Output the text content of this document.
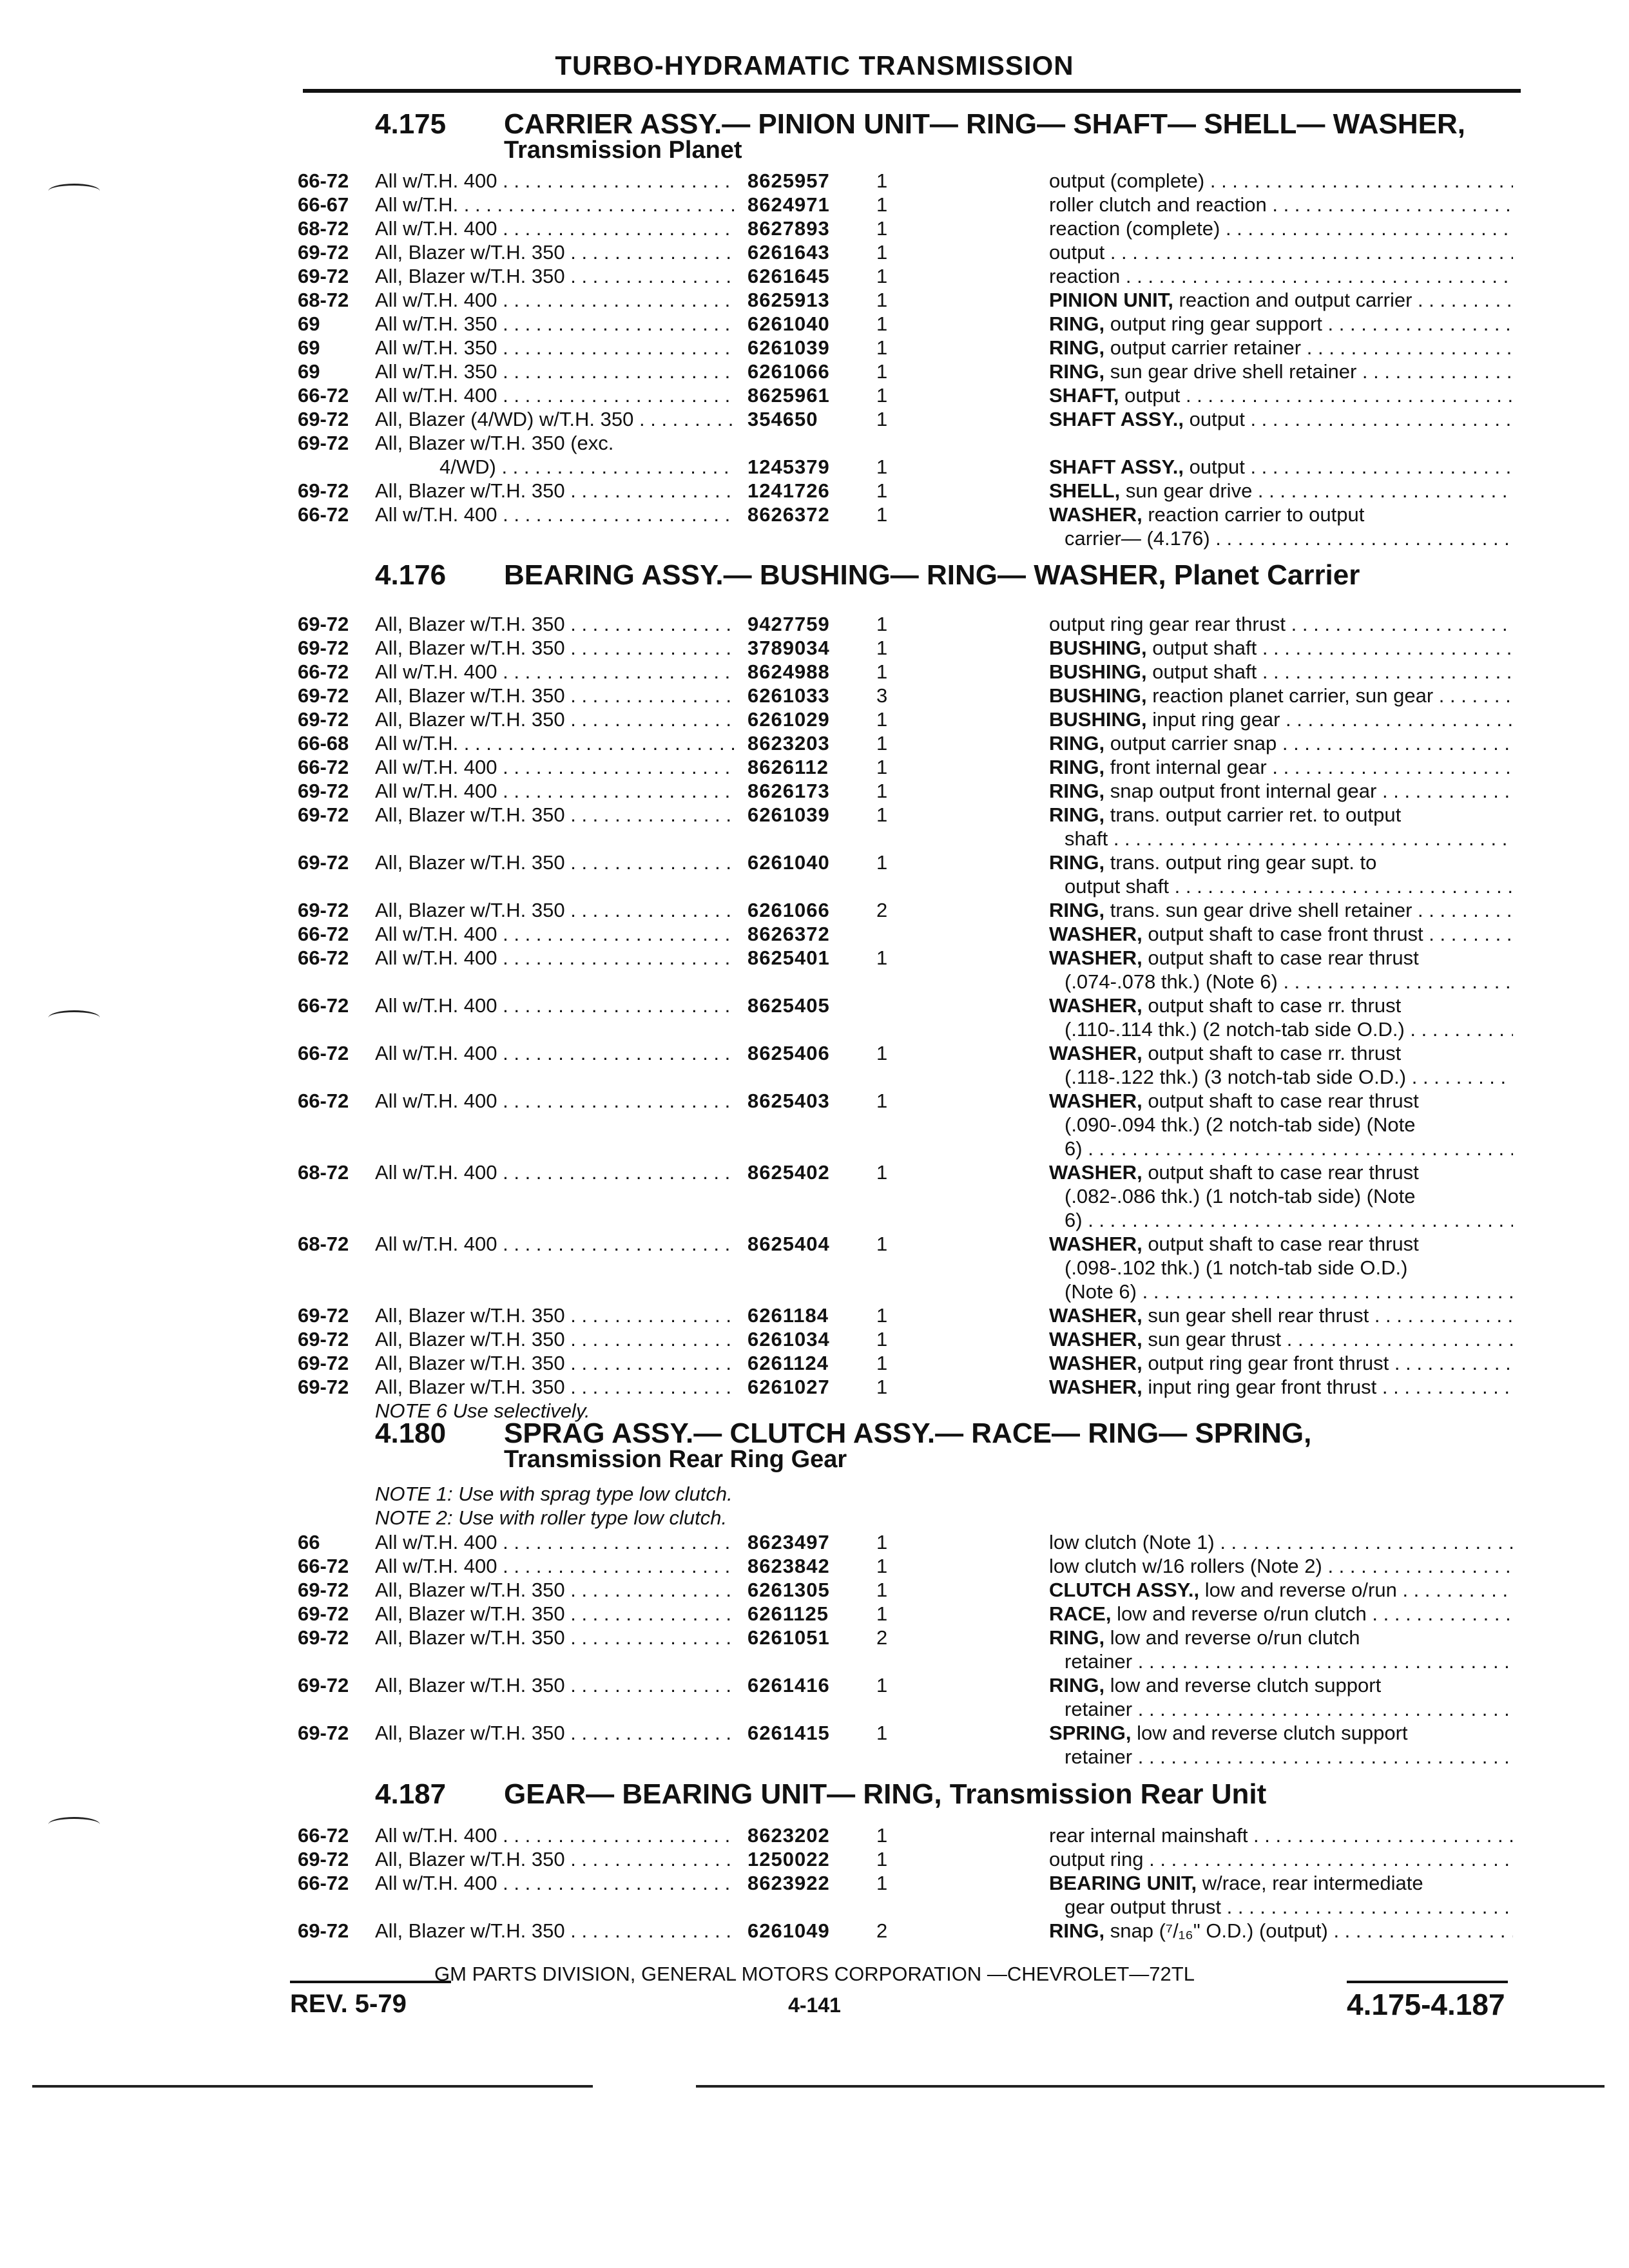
TURBO-HYDRAMATIC TRANSMISSION
4.175 CARRIER ASSY.— PINION UNIT— RING— SHAFT— SHELL— WASHER,
Transmission Planet
66-72 All w/T.H. 400 . . .	8625957 1	output (complete) . . .
66-67 All w/T.H. . . .	8624971 1	roller clutch and reaction . . .
68-72 All w/T.H. 400 . . .	8627893 1	reaction (complete) . . .
69-72 All, Blazer w/T.H. 350 . . .	6261643 1	output . . .
69-72 All, Blazer w/T.H. 350 . . .	6261645 1	reaction . . .
68-72 All w/T.H. 400 . . .	8625913 1	PINION UNIT, reaction and output carrier . . .
69	All w/T.H. 350 . . .	6261040 1	RING, output ring gear support . . .
69	All w/T.H. 350 . . .	6261039 1	RING, output carrier retainer . . .
69	All w/T.H. 350 . . .	6261066 1	RING, sun gear drive shell retainer . . .
66-72 All w/T.H. 400 . . .	8625961 1	SHAFT, output . . .
69-72 All, Blazer (4/WD) w/T.H. 350 . . .	354650	1	SHAFT ASSY., output . . .
69-72 All, Blazer w/T.H. 350 (exc.
4/WD) . . .	1245379 1	SHAFT ASSY., output . . .
69-72 All, Blazer w/T.H. 350 . . .	1241726 1	SHELL, sun gear drive . . .
66-72 All w/T.H. 400 . . .	8626372 1	WASHER, reaction carrier to output
carrier— (4.176) . . .
4.176 BEARING ASSY.— BUSHING— RING— WASHER, Planet Carrier
69-72 All, Blazer w/T.H. 350 . . .	9427759 1	output ring gear rear thrust . . .
69-72 All, Blazer w/T.H. 350 . . .	3789034 1	BUSHING, output shaft . . .
66-72 All w/T.H. 400 . . .	8624988 1	BUSHING, output shaft . . .
69-72 All, Blazer w/T.H. 350 . . .	6261033 3	BUSHING, reaction planet carrier, sun gear . . .
69-72 All, Blazer w/T.H. 350 . . .	6261029 1	BUSHING, input ring gear . . .
66-68 All w/T.H. . . .	8623203 1	RING, output carrier snap . . .
66-72 All w/T.H. 400 . . .	8626112 1	RING, front internal gear . . .
69-72 All w/T.H. 400 . . .	8626173 1	RING, snap output front internal gear . . .
69-72 All, Blazer w/T.H. 350 . . .	6261039 1	RING, trans. output carrier ret. to output
shaft . . .
69-72 All, Blazer w/T.H. 350 . . .	6261040 1	RING, trans. output ring gear supt. to
output shaft . . .
69-72 All, Blazer w/T.H. 350 . . .	6261066 2	RING, trans. sun gear drive shell retainer . . .
66-72 All w/T.H. 400 . . .	8626372	WASHER, output shaft to case front thrust . . .
66-72 All w/T.H. 400 . . .	8625401 1	WASHER, output shaft to case rear thrust
(.074-.078 thk.) (Note 6) . . .
66-72 All w/T.H. 400 . . .	8625405	WASHER, output shaft to case rr. thrust
(.110-.114 thk.) (2 notch-tab side O.D.) . . .
66-72 All w/T.H. 400 . . .	8625406 1	WASHER, output shaft to case rr. thrust
(.118-.122 thk.) (3 notch-tab side O.D.) . . .
66-72 All w/T.H. 400 . . .	8625403 1	WASHER, output shaft to case rear thrust
(.090-.094 thk.) (2 notch-tab side) (Note
6) . . .
68-72 All w/T.H. 400 . . .	8625402 1	WASHER, output shaft to case rear thrust
(.082-.086 thk.) (1 notch-tab side) (Note
6) . . .
68-72 All w/T.H. 400 . . .	8625404 1	WASHER, output shaft to case rear thrust
(.098-.102 thk.) (1 notch-tab side O.D.)
(Note 6) . . .
69-72 All, Blazer w/T.H. 350 . . .	6261184 1	WASHER, sun gear shell rear thrust . . .
69-72 All, Blazer w/T.H. 350 . . .	6261034 1	WASHER, sun gear thrust . . .
69-72 All, Blazer w/T.H. 350 . . .	6261124 1	WASHER, output ring gear front thrust . . .
69-72 All, Blazer w/T.H. 350 . . .	6261027 1	WASHER, input ring gear front thrust . . .
NOTE 6 Use selectively.
4.180 SPRAG ASSY.— CLUTCH ASSY.— RACE— RING— SPRING,
Transmission Rear Ring Gear
NOTE 1: Use with sprag type low clutch.
NOTE 2: Use with roller type low clutch.
66	All w/T.H. 400 . . .	8623497 1	low clutch (Note 1) . . .
66-72 All w/T.H. 400 . . .	8623842 1	low clutch w/16 rollers (Note 2) . . .
69-72 All, Blazer w/T.H. 350 . . .	6261305 1	CLUTCH ASSY., low and reverse o/run . . .
69-72 All, Blazer w/T.H. 350 . . .	6261125 1	RACE, low and reverse o/run clutch . . .
69-72 All, Blazer w/T.H. 350 . . .	6261051 2	RING, low and reverse o/run clutch
retainer . . .
69-72 All, Blazer w/T.H. 350 . . .	6261416 1	RING, low and reverse clutch support
retainer . . .
69-72 All, Blazer w/T.H. 350 . . .	6261415 1	SPRING, low and reverse clutch support
retainer . . .
4.187 GEAR— BEARING UNIT— RING, Transmission Rear Unit
66-72 All w/T.H. 400 . . .	8623202 1	rear internal mainshaft . . .
69-72 All, Blazer w/T.H. 350 . . .	1250022 1	output ring . . .
66-72 All w/T.H. 400 . . .	8623922 1	BEARING UNIT, w/race, rear intermediate
gear output thrust . . .
69-72 All, Blazer w/T.H. 350 . . .	6261049 2	RING, snap (⁷/₁₆" O.D.) (output) . . .
GM PARTS DIVISION, GENERAL MOTORS CORPORATION —CHEVROLET—72TL
REV. 5-79	4-141	4.175-4.187
